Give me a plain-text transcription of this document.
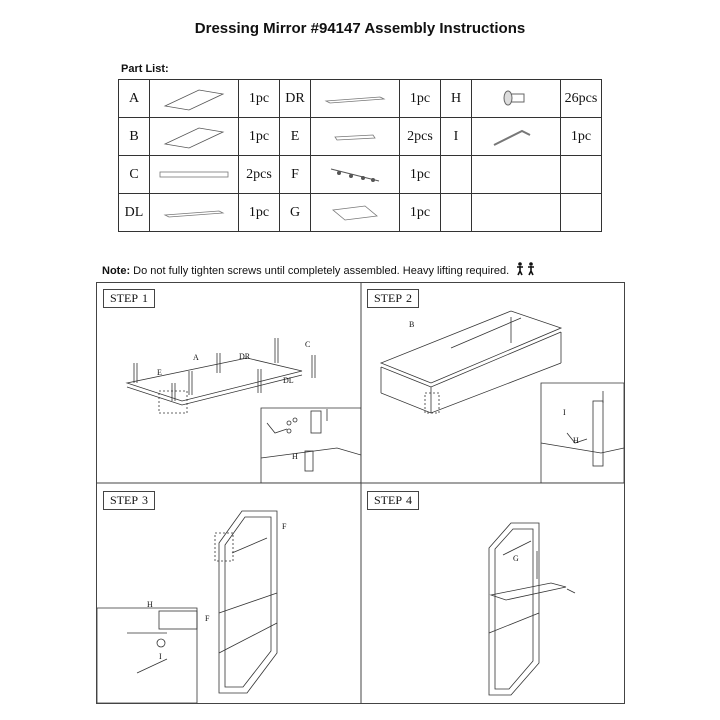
Dressing Mirror #94147 Assembly Instructions
Part List:
A		1pc	DR		1pc	H		26pcs
B		1pc	E		2pcs	I		1pc
C		2pcs	F		1pc			
DL		1pc	G		1pc			
Note: Do not fully tighten screws until completely assembled. Heavy lifting required.
STEP 1
C
DR
A
E
DL
H
STEP 2
B
I
H
STEP 3
F
H
F
I
STEP 4
G
